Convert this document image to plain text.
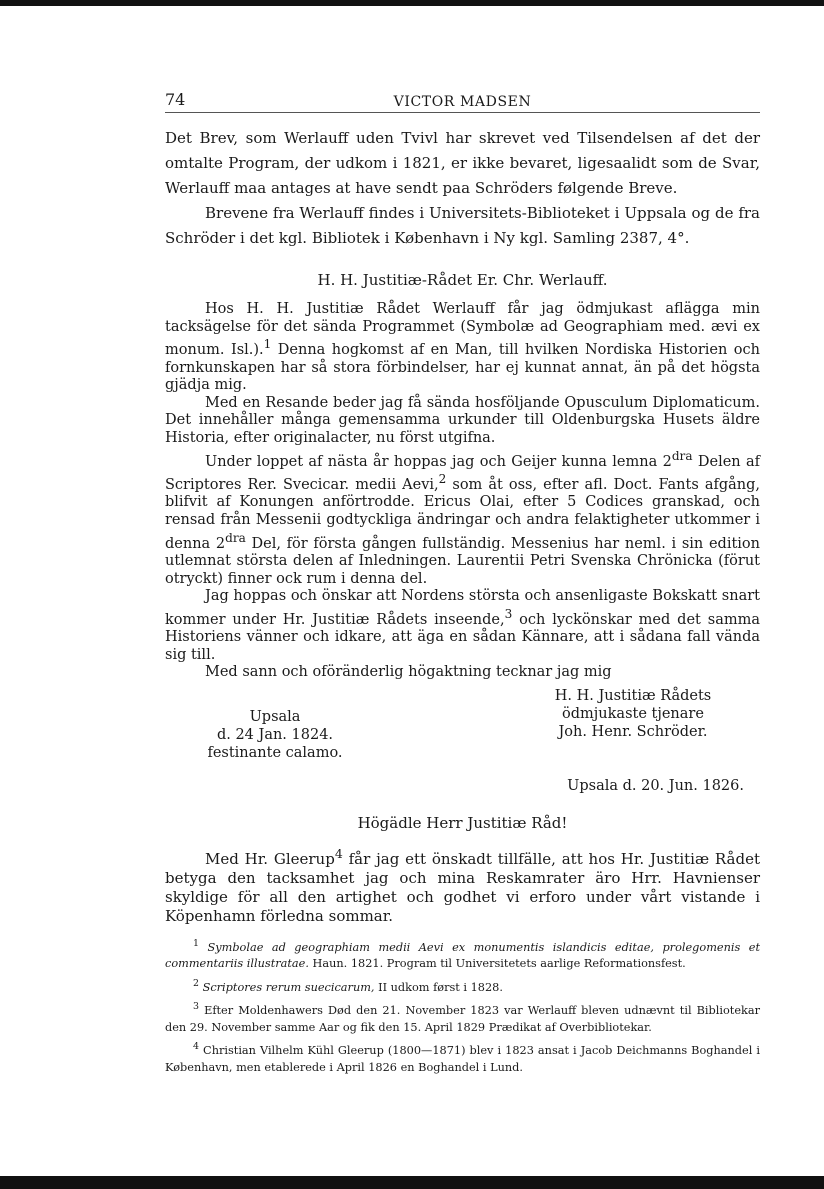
74	VICTOR MADSEN

Det Brev, som Werlauff uden Tvivl har skrevet ved Tilsendelsen af det der omtalte Program, der udkom i 1821, er ikke bevaret, ligesaalidt som de Svar, Werlauff maa antages at have sendt paa Schröders følgende Breve.

Brevene fra Werlauff findes i Universitets-Biblioteket i Uppsala og de fra Schröder i det kgl. Bibliotek i København i Ny kgl. Samling 2387, 4°.

H. H. Justitiæ-Rådet Er. Chr. Werlauff.

Hos H. H. Justitiæ Rådet Werlauff får jag ödmjukast aflägga min tacksägelse för det sända Programmet (Symbolæ ad Geographiam med. ævi ex monum. Isl.).$^1$ Denna hogkomst af en Man, till hvilken Nordiska Historien och fornkunskapen har så stora förbindelser, har ej kunnat annat, än på det högsta gjädja mig.

Med en Resande beder jag få sända hosföljande Opusculum Diplomaticum. Det innehåller många gemensamma urkunder till Oldenburgska Husets äldre Historia, efter originalacter, nu först utgifna.

Under loppet af nästa år hoppas jag och Geijer kunna lemna $2^{dra}$ Delen af Scriptores Rer. Svecicar. medii Aevi,$^2$ som åt oss, efter afl. Doct. Fants afgång, blifvit af Konungen anförtrodde. Ericus Olai, efter 5 Codices granskad, och rensad från Messenii godtyckliga ändringar och andra felaktigheter utkommer i denna $2^{dra}$ Del, för första gången fullständig. Messenius har neml. i sin edition utlemnat största delen af Inledningen. Laurentii Petri Svenska Chrönicka (förut otryckt) finner ock rum i denna del.

Jag hoppas och önskar att Nordens största och ansenligaste Bokskatt snart kommer under Hr. Justitiæ Rådets inseende,$^3$ och lyckönskar med det samma Historiens vänner och idkare, att äga en sådan Kännare, att i sådana fall vända sig till.

Med sann och oföränderlig högaktning tecknar jag mig

Upsala
d. 24 Jan. 1824.
festinante calamo.
H. H. Justitiæ Rådets
ödmjukaste tjenare
Joh. Henr. Schröder.
Upsala d. 20. Jun. 1826.
Högädle Herr Justitiæ Råd!

Med Hr. Gleerup$^4$ får jag ett önskadt tillfälle, att hos Hr. Justitiæ Rådet betyga den tacksamhet jag och mina Reskamrater äro Hrr. Havnienser skyldige för all den artighet och godhet vi erforo under vårt vistande i Köpenhamn förledna sommar.

$^1$ Symbolae ad geographiam medii Aevi ex monumentis islandicis editae, prolegomenis et commentariis illustratae. Haun. 1821. Program til Universitetets aarlige Reformationsfest.

$^2$ Scriptores rerum suecicarum, II udkom først i 1828.

$^3$ Efter Moldenhawers Død den 21. November 1823 var Werlauff bleven udnævnt til Bibliotekar den 29. November samme Aar og fik den 15. April 1829 Prædikat af Overbibliotekar.

$^4$ Christian Vilhelm Kühl Gleerup (1800—1871) blev i 1823 ansat i Jacob Deichmanns Boghandel i København, men etablerede i April 1826 en Boghandel i Lund.
